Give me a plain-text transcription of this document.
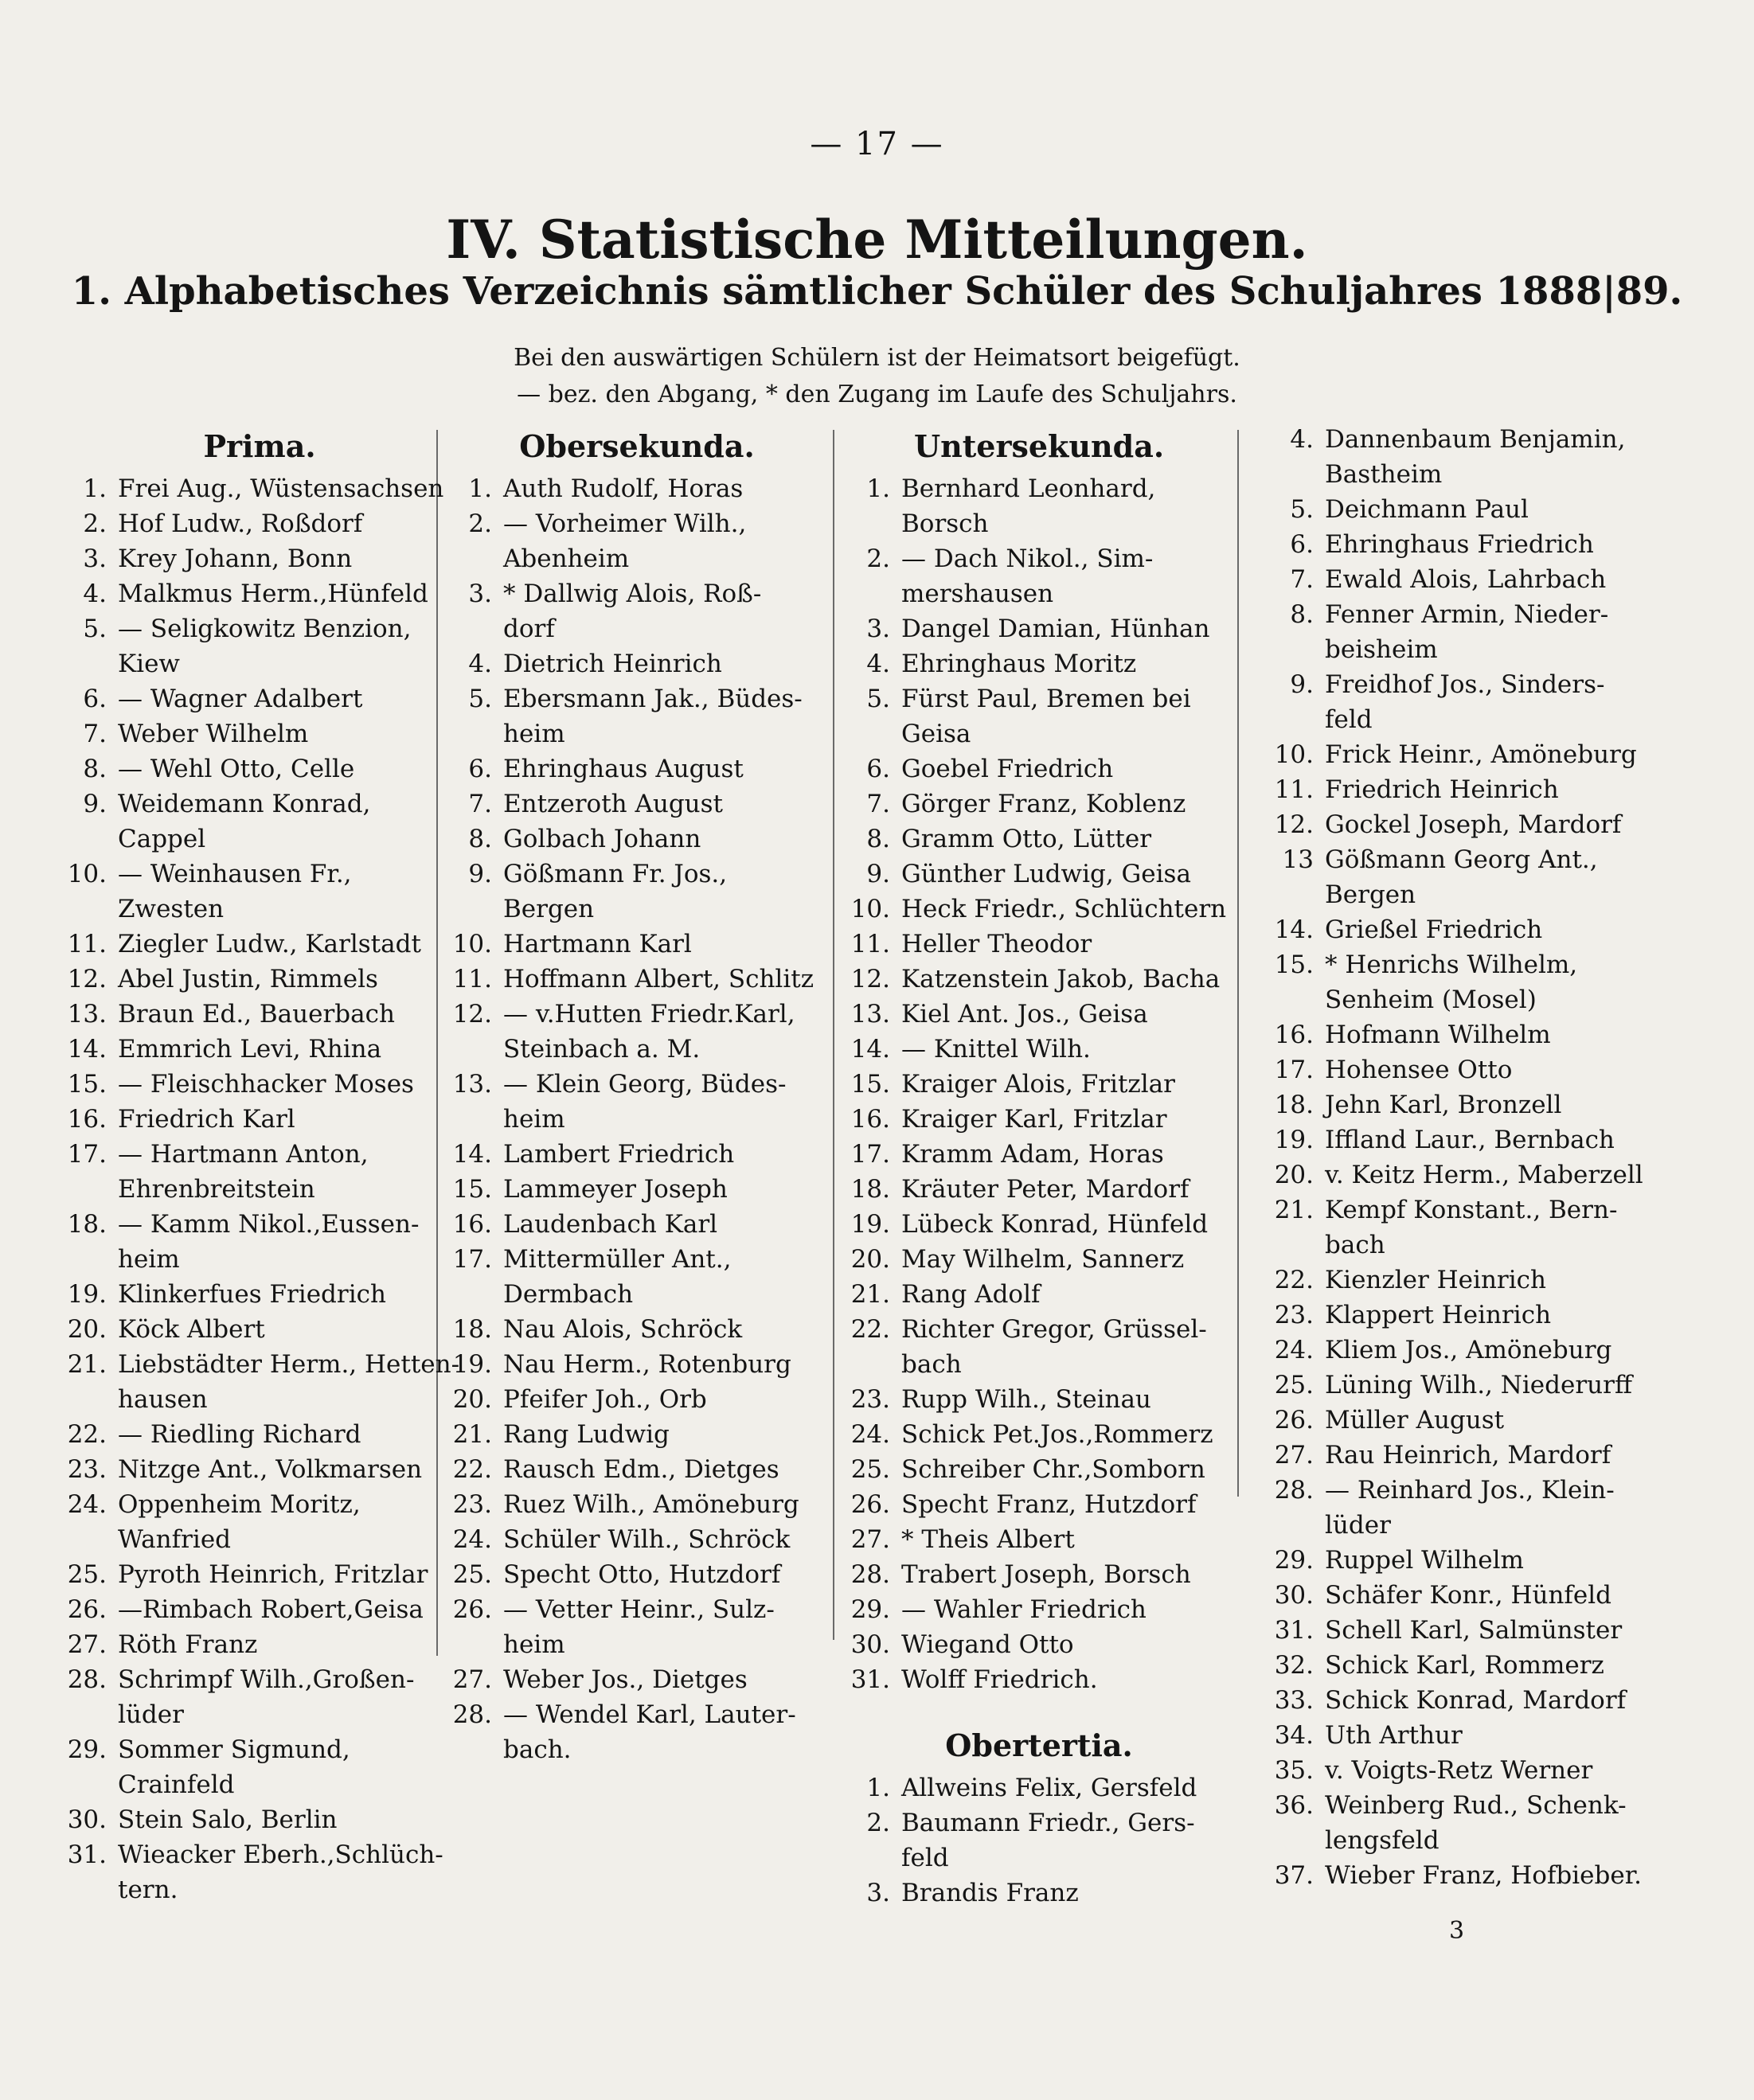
— 17 —
IV. Statistische Mitteilungen.
1. Alphabetisches Verzeichnis sämtlicher Schüler des Schuljahres 1888|89.
Bei den auswärtigen Schülern ist der Heimatsort beigefügt.
— bez. den Abgang, * den Zugang im Laufe des Schuljahrs.
Prima.
1. Frei Aug., Wüstensachsen
2. Hof Ludw., Roßdorf
3. Krey Johann, Bonn
4. Malkmus Herm.,Hünfeld
5. — Seligkowitz Benzion,
Kiew
6. — Wagner Adalbert
7. Weber Wilhelm
8. — Wehl Otto, Celle
9. Weidemann Konrad,
Cappel
10. — Weinhausen Fr.,
Zwesten
11. Ziegler Ludw., Karlstadt
12. Abel Justin, Rimmels
13. Braun Ed., Bauerbach
14. Emmrich Levi, Rhina
15. — Fleischhacker Moses
16. Friedrich Karl
17. — Hartmann Anton,
Ehrenbreitstein
18. — Kamm Nikol.,Eussen-
heim
19. Klinkerfues Friedrich
20. Köck Albert
21. Liebstädter Herm., Hetten-
hausen
22. — Riedling Richard
23. Nitzge Ant., Volkmarsen
24. Oppenheim Moritz,
Wanfried
25. Pyroth Heinrich, Fritzlar
26. —Rimbach Robert,Geisa
27. Röth Franz
28. Schrimpf Wilh.,Großen-
lüder
29. Sommer Sigmund,
Crainfeld
30. Stein Salo, Berlin
31. Wieacker Eberh.,Schlüch-
tern.
Obersekunda.
1. Auth Rudolf, Horas
2. — Vorheimer Wilh.,
Abenheim
3. * Dallwig Alois, Roß-
dorf
4. Dietrich Heinrich
5. Ebersmann Jak., Büdes-
heim
6. Ehringhaus August
7. Entzeroth August
8. Golbach Johann
9. Gößmann Fr. Jos.,
Bergen
10. Hartmann Karl
11. Hoffmann Albert, Schlitz
12. — v.Hutten Friedr.Karl,
Steinbach a. M.
13. — Klein Georg, Büdes-
heim
14. Lambert Friedrich
15. Lammeyer Joseph
16. Laudenbach Karl
17. Mittermüller Ant.,
Dermbach
18. Nau Alois, Schröck
19. Nau Herm., Rotenburg
20. Pfeifer Joh., Orb
21. Rang Ludwig
22. Rausch Edm., Dietges
23. Ruez Wilh., Amöneburg
24. Schüler Wilh., Schröck
25. Specht Otto, Hutzdorf
26. — Vetter Heinr., Sulz-
heim
27. Weber Jos., Dietges
28. — Wendel Karl, Lauter-
bach.
Untersekunda.
1. Bernhard Leonhard,
Borsch
2. — Dach Nikol., Sim-
mershausen
3. Dangel Damian, Hünhan
4. Ehringhaus Moritz
5. Fürst Paul, Bremen bei
Geisa
6. Goebel Friedrich
7. Görger Franz, Koblenz
8. Gramm Otto, Lütter
9. Günther Ludwig, Geisa
10. Heck Friedr., Schlüchtern
11. Heller Theodor
12. Katzenstein Jakob, Bacha
13. Kiel Ant. Jos., Geisa
14. — Knittel Wilh.
15. Kraiger Alois, Fritzlar
16. Kraiger Karl, Fritzlar
17. Kramm Adam, Horas
18. Kräuter Peter, Mardorf
19. Lübeck Konrad, Hünfeld
20. May Wilhelm, Sannerz
21. Rang Adolf
22. Richter Gregor, Grüssel-
bach
23. Rupp Wilh., Steinau
24. Schick Pet.Jos.,Rommerz
25. Schreiber Chr.,Somborn
26. Specht Franz, Hutzdorf
27. * Theis Albert
28. Trabert Joseph, Borsch
29. — Wahler Friedrich
30. Wiegand Otto
31. Wolff Friedrich.
Obertertia.
1. Allweins Felix, Gersfeld
2. Baumann Friedr., Gers-
feld
3. Brandis Franz
4. Dannenbaum Benjamin,
Bastheim
5. Deichmann Paul
6. Ehringhaus Friedrich
7. Ewald Alois, Lahrbach
8. Fenner Armin, Nieder-
beisheim
9. Freidhof Jos., Sinders-
feld
10. Frick Heinr., Amöneburg
11. Friedrich Heinrich
12. Gockel Joseph, Mardorf
13 Gößmann Georg Ant.,
Bergen
14. Grießel Friedrich
15. * Henrichs Wilhelm,
Senheim (Mosel)
16. Hofmann Wilhelm
17. Hohensee Otto
18. Jehn Karl, Bronzell
19. Iffland Laur., Bernbach
20. v. Keitz Herm., Maberzell
21. Kempf Konstant., Bern-
bach
22. Kienzler Heinrich
23. Klappert Heinrich
24. Kliem Jos., Amöneburg
25. Lüning Wilh., Niederurff
26. Müller August
27. Rau Heinrich, Mardorf
28. — Reinhard Jos., Klein-
lüder
29. Ruppel Wilhelm
30. Schäfer Konr., Hünfeld
31. Schell Karl, Salmünster
32. Schick Karl, Rommerz
33. Schick Konrad, Mardorf
34. Uth Arthur
35. v. Voigts-Retz Werner
36. Weinberg Rud., Schenk-
lengsfeld
37. Wieber Franz, Hofbieber.
3
